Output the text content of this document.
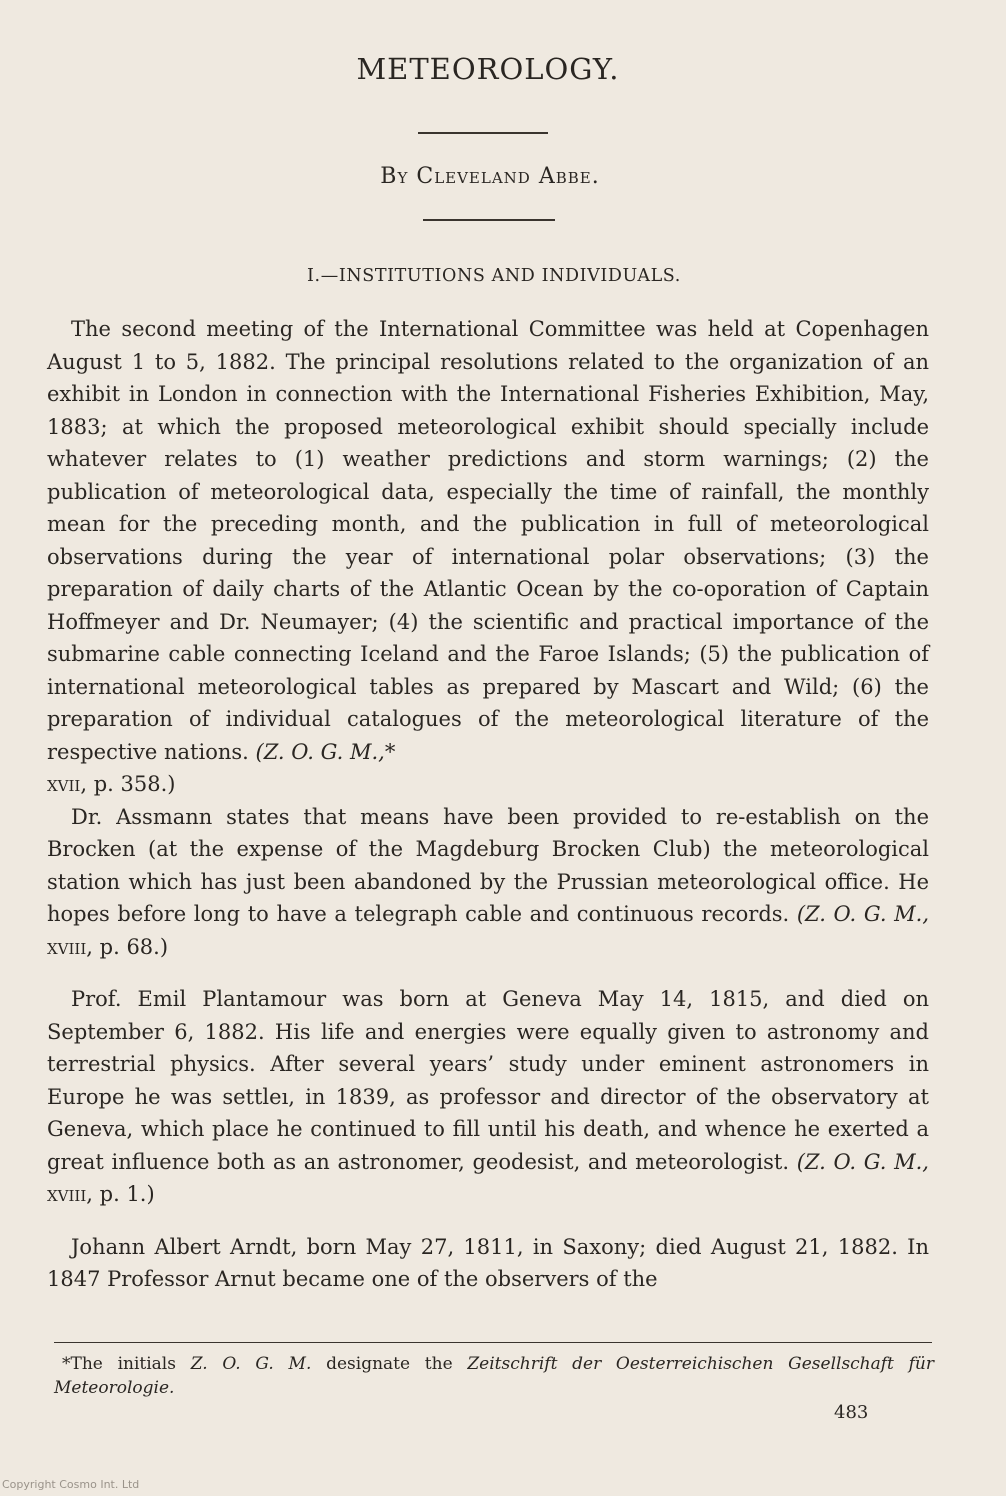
METEOROLOGY.
By Cleveland Abbe.
I.—INSTITUTIONS AND INDIVIDUALS.

The second meeting of the International Committee was held at Copenhagen August 1 to 5, 1882. The principal resolutions related to the organization of an exhibit in London in connection with the International Fisheries Exhibition, May, 1883; at which the proposed meteorological exhibit should specially include whatever relates to (1) weather predictions and storm warnings; (2) the publication of meteorological data, especially the time of rainfall, the monthly mean for the preceding month, and the publication in full of meteorological observations during the year of international polar observations; (3) the preparation of daily charts of the Atlantic Ocean by the co-oporation of Captain Hoffmeyer and Dr. Neumayer; (4) the scientific and practical importance of the submarine cable connecting Iceland and the Faroe Islands; (5) the publication of international meteorological tables as prepared by Mascart and Wild; (6) the preparation of individual catalogues of the meteorological literature of the respective nations. (Z. O. G. M.,*
xvii, p. 358.)

Dr. Assmann states that means have been provided to re-establish on the Brocken (at the expense of the Magdeburg Brocken Club) the meteorological station which has just been abandoned by the Prussian meteorological office. He hopes before long to have a telegraph cable and continuous records. (Z. O. G. M., xviii, p. 68.)

Prof. Emil Plantamour was born at Geneva May 14, 1815, and died on September 6, 1882. His life and energies were equally given to astronomy and terrestrial physics. After several years’ study under eminent astronomers in Europe he was settleı, in 1839, as professor and director of the observatory at Geneva, which place he continued to fill until his death, and whence he exerted a great influence both as an astronomer, geodesist, and meteorologist. (Z. O. G. M., xviii, p. 1.)

Johann Albert Arndt, born May 27, 1811, in Saxony; died August 21, 1882. In 1847 Professor Arnut became one of the observers of the

*The initials Z. O. G. M. designate the Zeitschrift der Oesterreichischen Gesellschaft für Meteorologie.
483
Copyright Cosmo Int. Ltd
